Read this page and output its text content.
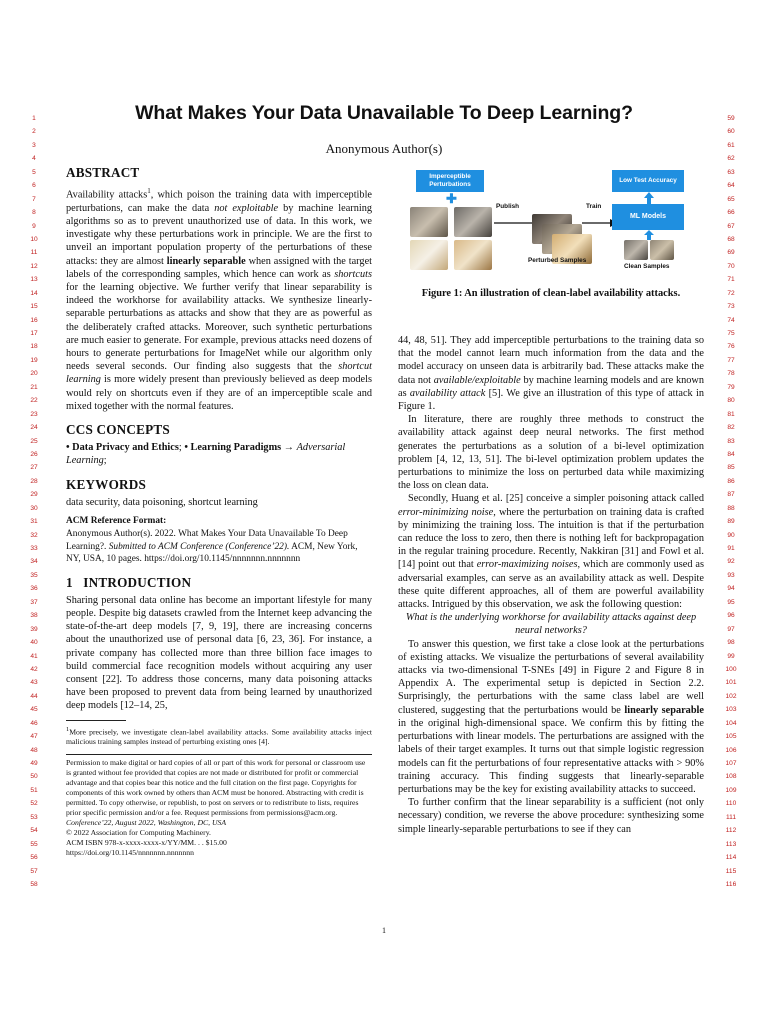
1
2
3
4
5
6
7
8
9
10
11
12
13
14
15
16
17
18
19
20
21
22
23
24
25
26
27
28
29
30
31
32
33
34
35
36
37
38
39
40
41
42
43
44
45
46
47
48
49
50
51
52
53
54
55
56
57
58
59
60
61
62
63
64
65
66
67
68
69
70
71
72
73
74
75
76
77
78
79
80
81
82
83
84
85
86
87
88
89
90
91
92
93
94
95
96
97
98
99
100
101
102
103
104
105
106
107
108
109
110
111
112
113
114
115
116
What Makes Your Data Unavailable To Deep Learning?
Anonymous Author(s)
ABSTRACT

Availability attacks$^1$, which poison the training data with imperceptible perturbations, can make the data not exploitable by machine learning algorithms so as to prevent unauthorized use of data. In this work, we investigate why these perturbations work in principle. We are the first to unveil an important population property of the perturbations of these attacks: they are almost linearly separable when assigned with the target labels of the corresponding samples, which hence can work as shortcuts for the learning objective. We further verify that linear separability is indeed the workhorse for availability attacks. We synthesize linearly-separable perturbations as attacks and show that they are as powerful as the deliberately crafted attacks. Moreover, such synthetic perturbations are much easier to generate. For example, previous attacks need dozens of hours to generate perturbations for ImageNet while our algorithm only needs several seconds. Our finding also suggests that the shortcut learning is more widely present than previously believed as deep models would rely on shortcuts even if they are of an imperceptible scale and mixed together with the normal features.

CCS CONCEPTS

• Data Privacy and Ethics; • Learning Paradigms → Adversarial Learning;

KEYWORDS

data security, data poisoning, shortcut learning

ACM Reference Format:

Anonymous Author(s). 2022. What Makes Your Data Unavailable To Deep Learning?. Submitted to ACM Conference (Conference’22). ACM, New York, NY, USA, 10 pages. https://doi.org/10.1145/nnnnnnn.nnnnnnn

1 INTRODUCTION

Sharing personal data online has become an important lifestyle for many people. Despite big datasets crawled from the Internet keep advancing the state-of-the-art deep models [7, 9, 19], there are increasing concerns about the unauthorized use of personal data [6, 23, 36]. For instance, a private company has collected more than three billion face images to build commercial face recognition models without acquiring any user consent [22]. To address those concerns, many data poisoning attacks have been proposed to prevent data from being learned by unauthorized deep models [12–14, 25,

$^1$More precisely, we investigate clean-label availability attacks. Some availability attacks inject malicious training samples instead of perturbing existing ones [4].

Permission to make digital or hard copies of all or part of this work for personal or classroom use is granted without fee provided that copies are not made or distributed for profit or commercial advantage and that copies bear this notice and the full citation on the first page. Copyrights for components of this work owned by others than ACM must be honored. Abstracting with credit is permitted. To copy otherwise, or republish, to post on servers or to redistribute to lists, requires prior specific permission and/or a fee. Request permissions from permissions@acm.org.
Conference’22, August 2022, Washington, DC, USA
© 2022 Association for Computing Machinery.
ACM ISBN 978-x-xxxx-xxxx-x/YY/MM. . . $15.00
https://doi.org/10.1145/nnnnnnn.nnnnnnn
Imperceptible Perturbations
✚
Publish
Perturbed Samples
Train
Low Test Accuracy
ML Models
Clean Samples
Figure 1: An illustration of clean-label availability attacks.

44, 48, 51]. They add imperceptible perturbations to the training data so that the model cannot learn much information from the data and the model accuracy on unseen data is arbitrarily bad. These attacks make the data not available/exploitable by machine learning models and are known as availability attack [5]. We give an illustration of this type of attack in Figure 1.

In literature, there are roughly three methods to construct the availability attack against deep neural networks. The first method generates the perturbations as a solution of a bi-level optimization problem [4, 12, 13, 51]. The bi-level optimization problem updates the perturbations to minimize the loss on perturbed data while maximizing the loss on clean data.

Secondly, Huang et al. [25] conceive a simpler poisoning attack called error-minimizing noise, where the perturbation on training data is crafted by minimizing the training loss. The intuition is that if the perturbation can reduce the loss to zero, then there is nothing left for backpropagation in the regular training procedure. Recently, Nakkiran [31] and Fowl et al. [14] point out that error-maximizing noises, which are commonly used as adversarial examples, can serve as an availability attack as well. Despite these quite different approaches, all of them are powerful availability attacks. Intrigued by this observation, we ask the following question:

What is the underlying workhorse for availability attacks against deep neural networks?

To answer this question, we first take a close look at the perturbations of existing attacks. We visualize the perturbations of several availability attacks via two-dimensional T-SNEs [49] in Figure 2 and Figure 8 in Appendix A. The experimental setup is depicted in Section 2.2. Surprisingly, the perturbations with the same class label are well clustered, suggesting that the perturbations would be linearly separable in the original high-dimensional space. We confirm this by fitting the perturbations with linear models. The perturbations are assigned with the labels of their target examples. It turns out that simple logistic regression models can fit the perturbations of four representative attacks with > 90% training accuracy. This finding suggests that linearly-separable perturbations may be the key for existing availability attacks to succeed.

To further confirm that the linear separability is a sufficient (not only necessary) condition, we reverse the above procedure: synthesizing some simple linearly-separable perturbations to see if they can

1
